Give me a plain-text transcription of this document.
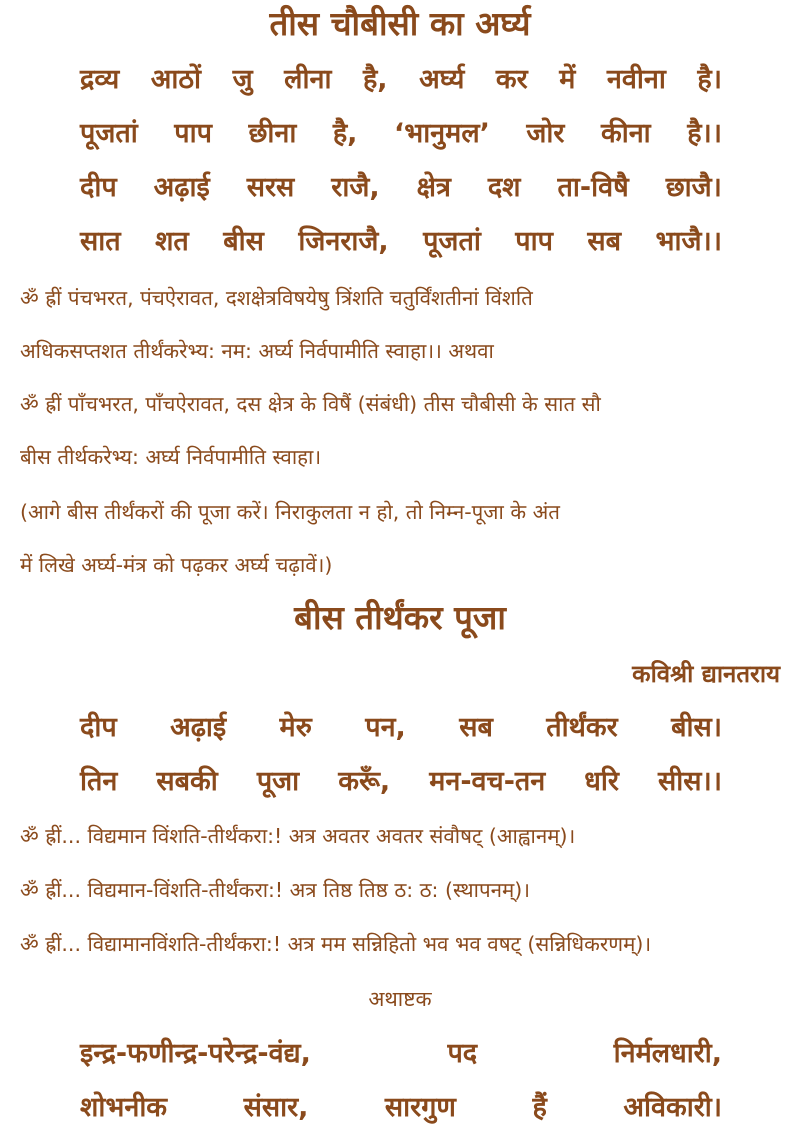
तीस चौबीसी का अर्घ्य
द्रव्य आठों जु लीना है, अर्घ्य कर में नवीना है।
पूजतां पाप छीना है, ‘भानुमल’ जोर कीना है।।
दीप अढ़ाई सरस राजै, क्षेत्र दश ता-विषै छाजै।
सात शत बीस जिनराजै, पूजतां पाप सब भाजै।।
ॐ ह्रीं पंचभरत, पंचऐरावत, दशक्षेत्रविषयेषु त्रिंशति चतुर्विंशतीनां विंशति
अधिकसप्तशत तीर्थंकरेभ्य: नम: अर्घ्य निर्वपामीति स्वाहा।। अथवा
ॐ ह्रीं पाँचभरत, पाँचऐरावत, दस क्षेत्र के विषैं (संबंधी) तीस चौबीसी के सात सौ
बीस तीर्थकरेभ्य: अर्घ्य निर्वपामीति स्वाहा।
(आगे बीस तीर्थंकरों की पूजा करें। निराकुलता न हो, तो निम्न-पूजा के अंत
में लिखे अर्घ्य-मंत्र को पढ़कर अर्घ्य चढ़ावें।)
बीस तीर्थंकर पूजा
कविश्री द्यानतराय
दीप अढ़ाई मेरु पन, सब तीर्थंकर बीस।
तिन सबकी पूजा करूँ, मन-वच-तन धरि सीस।।
ॐ ह्रीं... विद्यमान विंशति-तीर्थंकरा:! अत्र अवतर अवतर संवौषट् (आह्वानम्)।
ॐ ह्रीं... विद्यमान-विंशति-तीर्थंकरा:! अत्र तिष्ठ तिष्ठ ठ: ठ: (स्थापनम्)।
ॐ ह्रीं... विद्यामानविंशति-तीर्थंकरा:! अत्र मम सन्निहितो भव भव वषट् (सन्निधिकरणम्)।
अथाष्टक
इन्द्र-फणीन्द्र-परेन्द्र-वंद्य,	पद	निर्मलधारी,
शोभनीक	संसार,	सारगुण	हैं	अविकारी।
